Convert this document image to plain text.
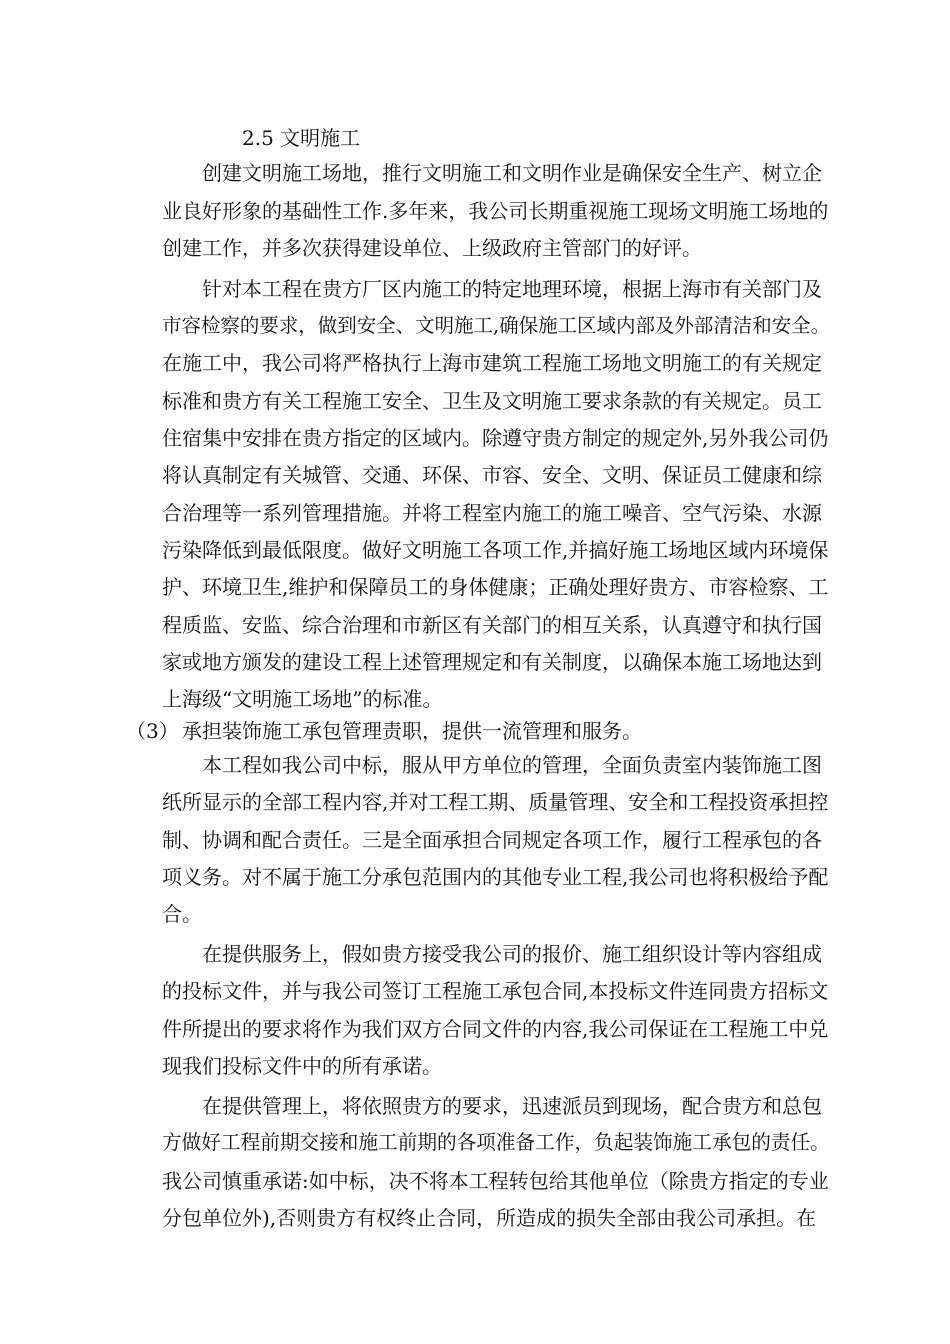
2.5 文明施工
创建文明施工场地，推行文明施工和文明作业是确保安全生产、树立企
业良好形象的基础性工作.多年来，我公司长期重视施工现场文明施工场地的
创建工作，并多次获得建设单位、上级政府主管部门的好评。
针对本工程在贵方厂区内施工的特定地理环境，根据上海市有关部门及
市容检察的要求，做到安全、文明施工,确保施工区域内部及外部清洁和安全。
在施工中，我公司将严格执行上海市建筑工程施工场地文明施工的有关规定
标准和贵方有关工程施工安全、卫生及文明施工要求条款的有关规定。员工
住宿集中安排在贵方指定的区域内。除遵守贵方制定的规定外,另外我公司仍
将认真制定有关城管、交通、环保、市容、安全、文明、保证员工健康和综
合治理等一系列管理措施。并将工程室内施工的施工噪音、空气污染、水源
污染降低到最低限度。做好文明施工各项工作,并搞好施工场地区域内环境保
护、环境卫生,维护和保障员工的身体健康；正确处理好贵方、市容检察、工
程质监、安监、综合治理和市新区有关部门的相互关系，认真遵守和执行国
家或地方颁发的建设工程上述管理规定和有关制度，以确保本施工场地达到
上海级“文明施工场地”的标准。
（3） 承担装饰施工承包管理责职，提供一流管理和服务。
本工程如我公司中标，服从甲方单位的管理，全面负责室内装饰施工图
纸所显示的全部工程内容,并对工程工期、质量管理、安全和工程投资承担控
制、协调和配合责任。三是全面承担合同规定各项工作，履行工程承包的各
项义务。对不属于施工分承包范围内的其他专业工程,我公司也将积极给予配
合。
在提供服务上，假如贵方接受我公司的报价、施工组织设计等内容组成
的投标文件，并与我公司签订工程施工承包合同,本投标文件连同贵方招标文
件所提出的要求将作为我们双方合同文件的内容,我公司保证在工程施工中兑
现我们投标文件中的所有承诺。
在提供管理上，将依照贵方的要求，迅速派员到现场，配合贵方和总包
方做好工程前期交接和施工前期的各项准备工作，负起装饰施工承包的责任。
我公司慎重承诺:如中标，决不将本工程转包给其他单位（除贵方指定的专业
分包单位外),否则贵方有权终止合同，所造成的损失全部由我公司承担。在
